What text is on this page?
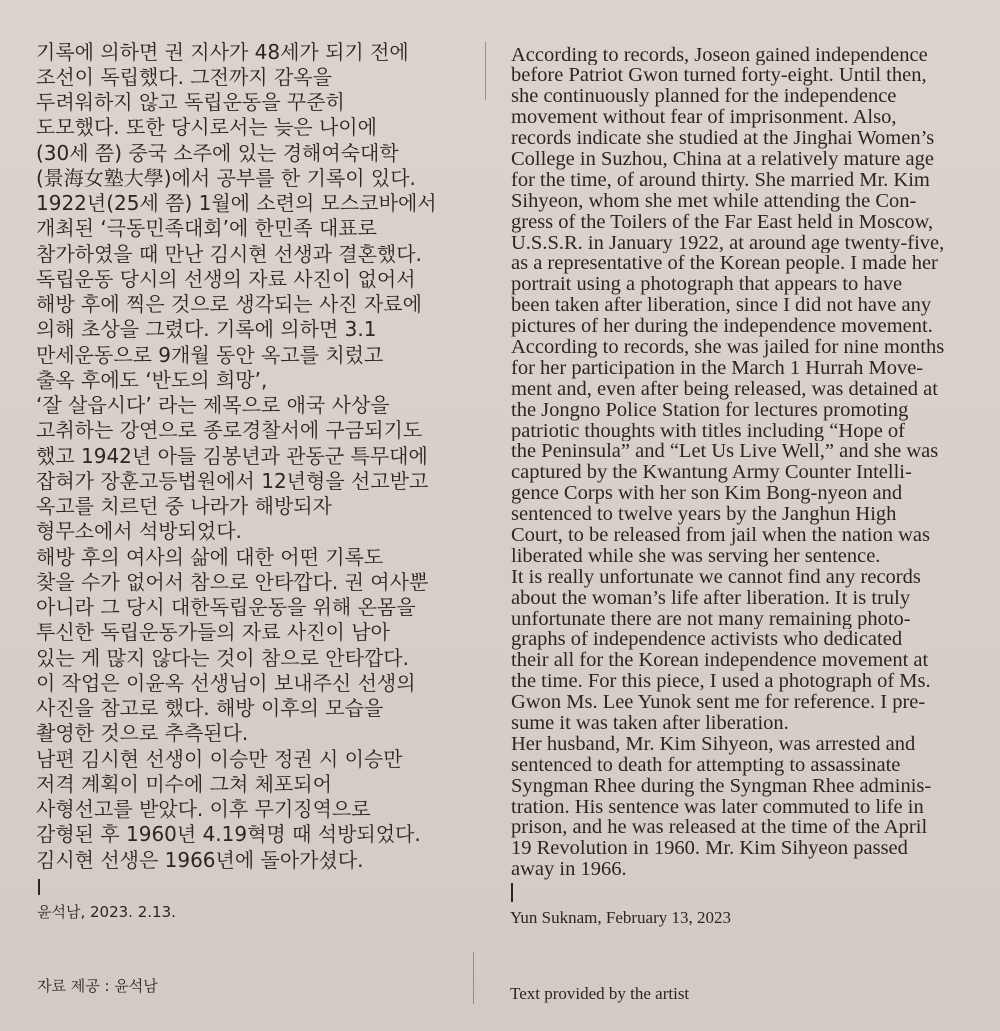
기록에 의하면 권 지사가 48세가 되기 전에
조선이 독립했다. 그전까지 감옥을
두려워하지 않고 독립운동을 꾸준히
도모했다. 또한 당시로서는 늦은 나이에
(30세 쯤) 중국 소주에 있는 경해여숙대학
(景海女塾大學)에서 공부를 한 기록이 있다.
1922년(25세 쯤) 1월에 소련의 모스코바에서
개최된 ‘극동민족대회’에 한민족 대표로
참가하였을 때 만난 김시현 선생과 결혼했다.
독립운동 당시의 선생의 자료 사진이 없어서
해방 후에 찍은 것으로 생각되는 사진 자료에
의해 초상을 그렸다. 기록에 의하면 3.1
만세운동으로 9개월 동안 옥고를 치렀고
출옥 후에도 ‘반도의 희망’,
‘잘 살읍시다’ 라는 제목으로 애국 사상을
고취하는 강연으로 종로경찰서에 구금되기도
했고 1942년 아들 김봉년과 관동군 특무대에
잡혀가 장훈고등법원에서 12년형을 선고받고
옥고를 치르던 중 나라가 해방되자
형무소에서 석방되었다.
해방 후의 여사의 삶에 대한 어떤 기록도
찾을 수가 없어서 참으로 안타깝다. 권 여사뿐
아니라 그 당시 대한독립운동을 위해 온몸을
투신한 독립운동가들의 자료 사진이 남아
있는 게 많지 않다는 것이 참으로 안타깝다.
이 작업은 이윤옥 선생님이 보내주신 선생의
사진을 참고로 했다. 해방 이후의 모습을
촬영한 것으로 추측된다.
남편 김시현 선생이 이승만 정권 시 이승만
저격 계획이 미수에 그쳐 체포되어
사형선고를 받았다. 이후 무기징역으로
감형된 후 1960년 4.19혁명 때 석방되었다.
김시현 선생은 1966년에 돌아가셨다.
According to records, Joseon gained independence
before Patriot Gwon turned forty-eight. Until then,
she continuously planned for the independence
movement without fear of imprisonment. Also,
records indicate she studied at the Jinghai Women’s
College in Suzhou, China at a relatively mature age
for the time, of around thirty. She married Mr. Kim
Sihyeon, whom she met while attending the Con-
gress of the Toilers of the Far East held in Moscow,
U.S.S.R. in January 1922, at around age twenty-five,
as a representative of the Korean people. I made her
portrait using a photograph that appears to have
been taken after liberation, since I did not have any
pictures of her during the independence movement.
According to records, she was jailed for nine months
for her participation in the March 1 Hurrah Move-
ment and, even after being released, was detained at
the Jongno Police Station for lectures promoting
patriotic thoughts with titles including “Hope of
the Peninsula” and “Let Us Live Well,” and she was
captured by the Kwantung Army Counter Intelli-
gence Corps with her son Kim Bong-nyeon and
sentenced to twelve years by the Janghun High
Court, to be released from jail when the nation was
liberated while she was serving her sentence.
It is really unfortunate we cannot find any records
about the woman’s life after liberation. It is truly
unfortunate there are not many remaining photo-
graphs of independence activists who dedicated
their all for the Korean independence movement at
the time. For this piece, I used a photograph of Ms.
Gwon Ms. Lee Yunok sent me for reference. I pre-
sume it was taken after liberation.
Her husband, Mr. Kim Sihyeon, was arrested and
sentenced to death for attempting to assassinate
Syngman Rhee during the Syngman Rhee adminis-
tration. His sentence was later commuted to life in
prison, and he was released at the time of the April
19 Revolution in 1960. Mr. Kim Sihyeon passed
away in 1966.
윤석남, 2023. 2.13.	Yun Suknam, February 13, 2023
자료 제공 : 윤석남	Text provided by the artist
